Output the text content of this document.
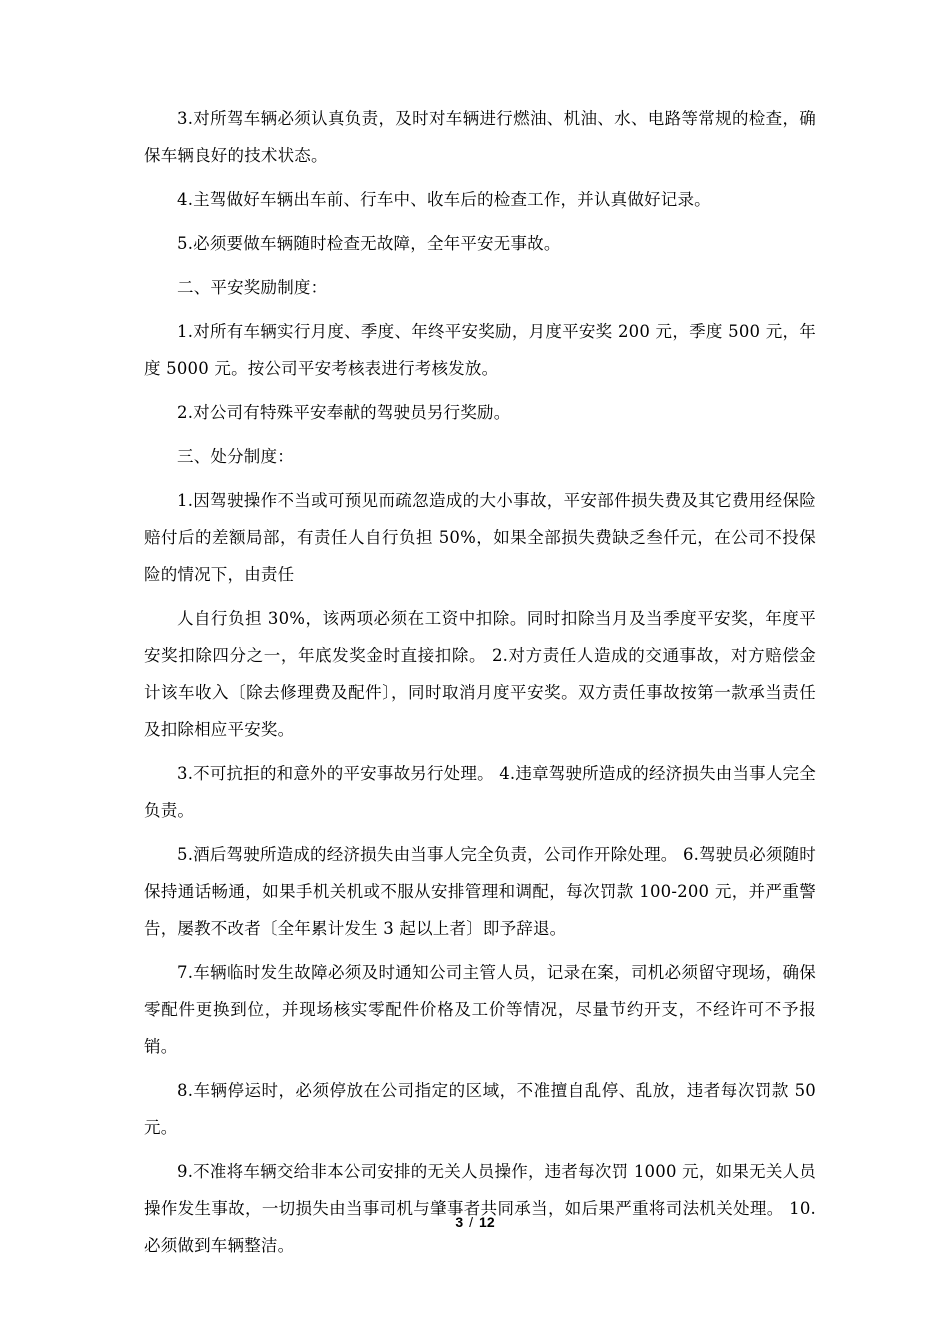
3.对所驾车辆必须认真负责，及时对车辆进行燃油、机油、水、电路等常规的检查，确保车辆良好的技术状态。

4.主驾做好车辆出车前、行车中、收车后的检查工作，并认真做好记录。

5.必须要做车辆随时检查无故障，全年平安无事故。

二、平安奖励制度：

1.对所有车辆实行月度、季度、年终平安奖励，月度平安奖 200 元，季度 500 元，年度 5000 元。按公司平安考核表进行考核发放。

2.对公司有特殊平安奉献的驾驶员另行奖励。

三、处分制度：

1.因驾驶操作不当或可预见而疏忽造成的大小事故，平安部件损失费及其它费用经保险赔付后的差额局部，有责任人自行负担 50%，如果全部损失费缺乏叁仟元，在公司不投保险的情况下，由责任

人自行负担 30%，该两项必须在工资中扣除。同时扣除当月及当季度平安奖，年度平安奖扣除四分之一，年底发奖金时直接扣除。 2.对方责任人造成的交通事故，对方赔偿金计该车收入〔除去修理费及配件〕，同时取消月度平安奖。双方责任事故按第一款承当责任及扣除相应平安奖。

3.不可抗拒的和意外的平安事故另行处理。 4.违章驾驶所造成的经济损失由当事人完全负责。

5.酒后驾驶所造成的经济损失由当事人完全负责，公司作开除处理。 6.驾驶员必须随时保持通话畅通，如果手机关机或不服从安排管理和调配，每次罚款 100-200 元，并严重警告，屡教不改者〔全年累计发生 3 起以上者〕即予辞退。

7.车辆临时发生故障必须及时通知公司主管人员，记录在案，司机必须留守现场，确保零配件更换到位，并现场核实零配件价格及工价等情况，尽量节约开支，不经许可不予报销。

8.车辆停运时，必须停放在公司指定的区域，不准擅自乱停、乱放，违者每次罚款 50 元。

9.不准将车辆交给非本公司安排的无关人员操作，违者每次罚 1000 元，如果无关人员操作发生事故，一切损失由当事司机与肇事者共同承当，如后果严重将司法机关处理。 10.必须做到车辆整洁。

3 / 12
